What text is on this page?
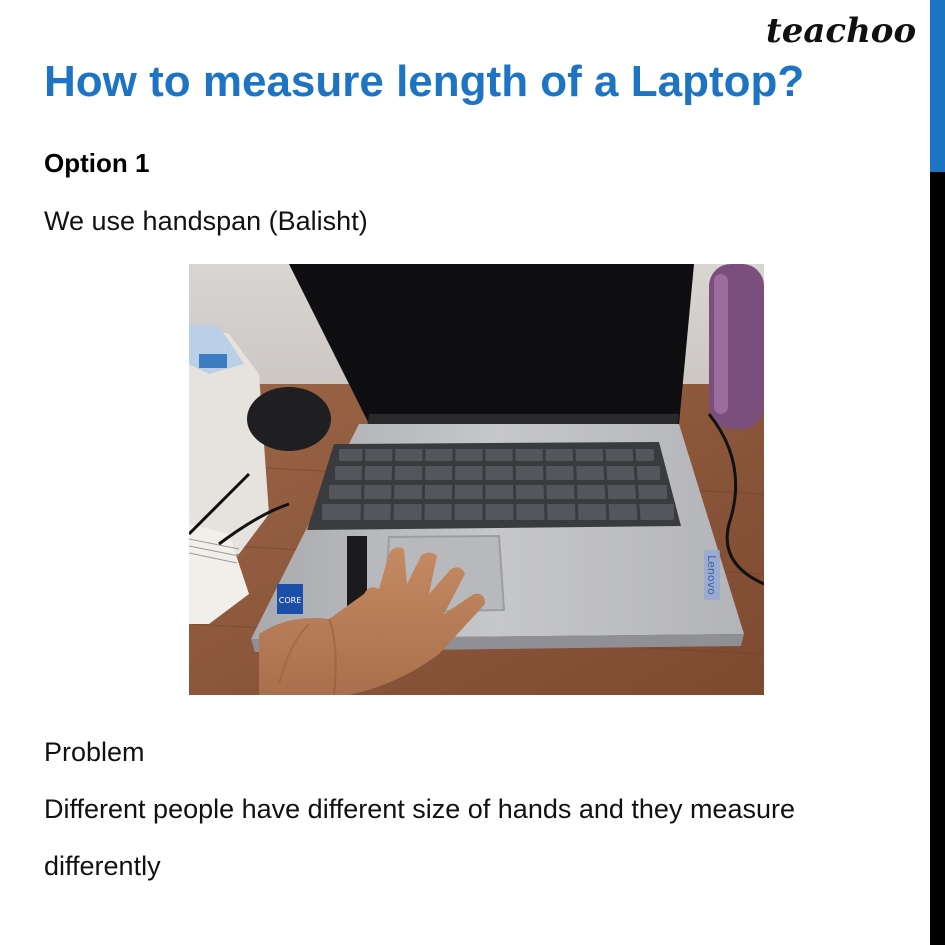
teachoo
How to measure length of a Laptop?
Option 1
We use handspan (Balisht)
CORE
Lenovo
Problem
Different people have different size of hands and they measure
differently
